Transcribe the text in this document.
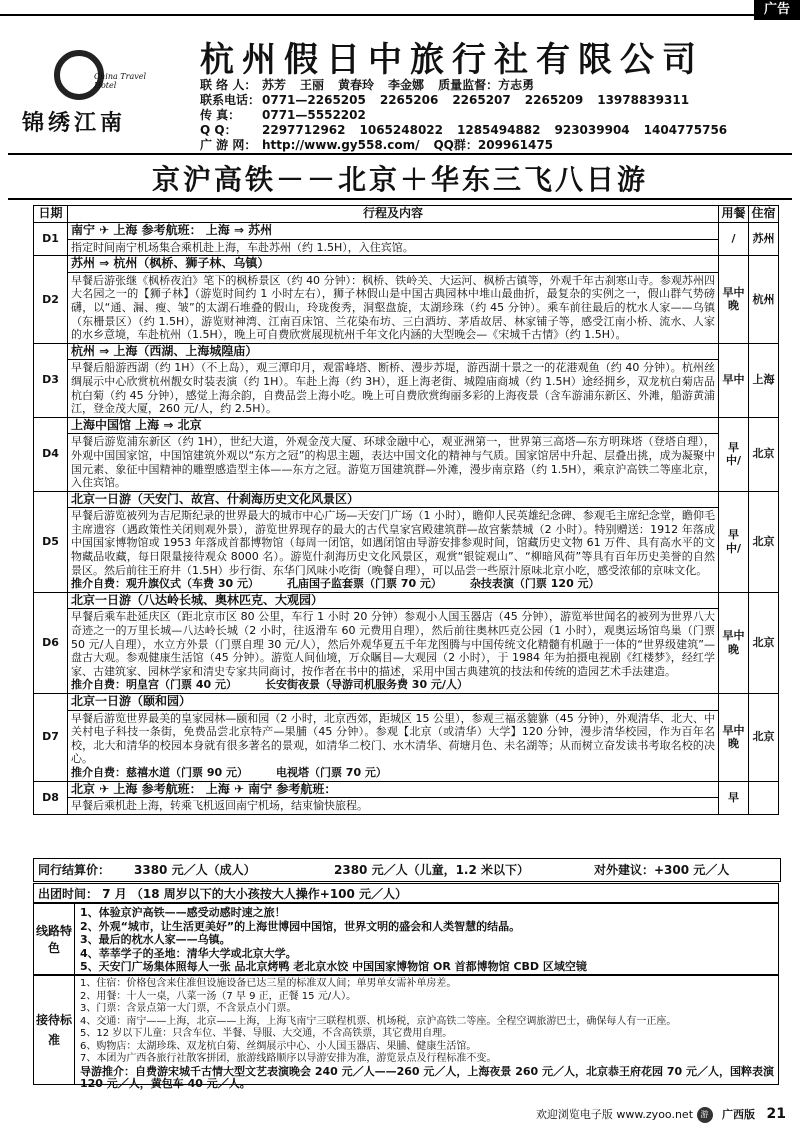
广告
China Travel Hotel
锦绣江南
杭州假日中旅行社有限公司
联 络 人： 苏芳 王丽 黄春玲 李金娜 质量监督：方志勇
联系电话： 0771—2265205 2265206 2265207 2265209 13978839311
传 真： 0771—5552202
Q Q： 2297712962 1065248022 1285494882 923039904 1404775756
广 游 网： http://www.gy558.com/ QQ群：209961475
京沪高铁－－北京＋华东三飞八日游
日期	行程及内容	用餐	住宿
D1	南宁 ✈ 上海 参考航班： 上海 ⇒ 苏州	/	苏州

	指定时间南宁机场集合乘机赴上海，车赴苏州（约 1.5H），入住宾馆。		

D2	苏州 ⇒ 杭州（枫桥、狮子林、乌镇）	早中晚	杭州

	早餐后游张继《枫桥夜泊》笔下的枫桥景区（约 40 分钟）：枫桥、铁岭关、大运河、枫桥古镇等，外观千年古刹寒山寺。参观苏州四大名园之一的【狮子林】（游览时间约 1 小时左右），狮子林假山是中国古典园林中堆山最曲折，最复杂的实例之一，假山群气势磅礴，以“通、漏、瘦、皱”的太湖石堆叠的假山，玲珑俊秀，洞壑盘旋，太湖珍珠（约 45 分钟）。乘车前往最后的枕水人家——乌镇（东栅景区）（约 1.5H），游览财神湾、江南百床馆、兰花染布坊、三白酒坊、茅盾故居、林家铺子等，感受江南小桥、流水、人家的水乡意境，车赴杭州（1.5H），晚上可自费欣赏展现杭州千年文化内涵的大型晚会—《宋城千古情》（约 1.5H）。		

D3	杭州 ⇒ 上海（西湖、上海城隍庙）	早中	上海

	早餐后船游西湖（约 1H）（不上岛），观三潭印月，观雷峰塔、断桥、漫步苏堤，游西湖十景之一的花港观鱼（约 40 分钟）。杭州丝绸展示中心欣赏杭州靓女时装表演（约 1H）。车赴上海（约 3H），逛上海老街、城隍庙商城（约 1.5H）途经拥乡，双龙杭白菊店品杭白菊（约 45 分钟），感觉上海余韵，自费品尝上海小吃。晚上可自费欣赏绚丽多彩的上海夜景（含车游浦东新区、外滩，船游黄浦江，登金茂大厦，260 元/人，约 2.5H）。		

D4	上海中国馆 上海 ⇒ 北京	早中/	北京

	早餐后游览浦东新区（约 1H），世纪大道，外观金茂大厦、环球金融中心，观亚洲第一，世界第三高塔—东方明珠塔（登塔自理），外观中国国家馆，中国馆建筑外观以“东方之冠”的构思主题，表达中国文化的精神与气质。国家馆居中升起、层叠出挑，成为凝聚中国元素、象征中国精神的雕塑感造型主体——东方之冠。游览万国建筑群—外滩，漫步南京路（约 1.5H），乘京沪高铁二等座北京，入住宾馆。		

D5	北京一日游（天安门、故宫、什刹海历史文化风景区）	早中/	北京

	早餐后游览被列为吉尼斯纪录的世界最大的城市中心广场—天安门广场（1 小时），瞻仰人民英雄纪念碑、参观毛主席纪念堂，瞻仰毛主席遗容（遇政策性关闭则观外景），游览世界现存的最大的古代皇家宫殿建筑群—故宫紫禁城（2 小时）。特别赠送：1912 年落成中国国家博物馆或 1953 年落成首都博物馆（每周一闭馆，如遇闭馆由导游安排参观时间，馆藏历史文物 61 万件、具有高水平的文物藏品收藏，每日限量接待观众 8000 名）。游览什刹海历史文化风景区，观赏“银锭观山”、“柳暗风荷”等具有百年历史美誉的自然景区。然后前往王府井（1.5H）步行街、东华门风味小吃街（晚餐自理），可以品尝一些原汁原味北京小吃，感受浓郁的京味文化。
推介自费：观升旗仪式（车费 30 元） 孔庙国子监套票（门票 70 元） 杂技表演（门票 120 元）		

D6	北京一日游（八达岭长城、奥林匹克、大观园）	早中晚	北京

	早餐后乘车赴延庆区（距北京市区 80 公里，车行 1 小时 20 分钟）参观小人国玉器店（45 分钟），游览举世闻名的被列为世界八大奇迹之一的万里长城—八达岭长城（2 小时，往返滑车 60 元费用自理），然后前往奥林匹克公园（1 小时），观奥运场馆鸟巢（门票 50 元/人自理），水立方外景（门票自理 30 元/人），然后外观华夏五千年龙图腾与中国传统文化精髓有机融于一体的“世界级建筑”—盘古大观。参观健康生活馆（45 分钟）。游览人间仙境，万众瞩目—大观园（2 小时），于 1984 年为拍摄电视剧《红楼梦》，经红学家、古建筑家、园林学家和清史专家共同商讨，按作者在书中的描述，采用中国古典建筑的技法和传统的造园艺术手法建造。
推介自费：明皇宫（门票 40 元） 长安街夜景（导游司机服务费 30 元/人）		

D7	北京一日游（颐和园）	早中晚	北京

	早餐后游览世界最美的皇家园林—颐和园（2 小时，北京西郊，距城区 15 公里），参观三福丞貔貅（45 分钟），外观清华、北大、中关村电子科技一条街，免费品尝北京特产—果脯（45 分钟）。参观【北京（或清华）大学】120 分钟，漫步清华校园，作为百年名校，北大和清华的校园本身就有很多著名的景观，如清华二校门、水木清华、荷塘月色、未名湖等；从而树立奋发读书考取名校的决心。
推介自费：慈禧水道（门票 90 元） 电视塔（门票 70 元）		

D8	北京 ✈ 上海 参考航班： 上海 ✈ 南宁 参考航班：	早	

	早餐后乘机赴上海，转乘飞机返回南宁机场，结束愉快旅程。		
同行结算价： 3380 元／人（成人）	2380 元／人（儿童，1.2 米以下）	对外建议：+300 元／人
出团时间： 7 月 （18 周岁以下的大小孩按大人操作+100 元／人）
线路特色
1、体验京沪高铁——感受动感时速之旅！
2、外观“城市，让生活更美好”的上海世博园中国馆，世界文明的盛会和人类智慧的结晶。
3、最后的枕水人家——乌镇。
4、莘莘学子的圣地：清华大学或北京大学。
5、天安门广场集体照每人一张 品北京烤鸭 老北京水饺 中国国家博物馆 OR 首都博物馆 CBD 区域空镜
接待标准
1、住宿：价格包含来住准但设施设备已达三星的标准双人间；单男单女需补单房差。
2、用餐：十人一桌，八菜一汤（7 早 9 正，正餐 15 元/人）。
3、门票：含景点第一大门票，不含景点小门票。
4、交通：南宁——上海，北京——上海，上海飞南宁三联程机票、机场税，京沪高铁二等座。全程空调旅游巴士，确保每人有一正座。
5、12 岁以下儿童：只含车位、半餐、导服、大交通，不含高铁票，其它费用自理。
6、购物店：太湖珍珠、双龙杭白菊、丝绸展示中心、小人国玉器店、果脯、健康生活馆。
7、本团为广西各旅行社散客拼团，旅游线路顺序以导游安排为准，游览景点及行程标准不变。
导游推介：自费游宋城千古情大型文艺表演晚会 240 元／人——260 元／人，上海夜景 260 元／人，北京恭王府花园 70 元／人，国粹表演 120 元／人，黄包车 40 元／人。
欢迎浏览电子版 www.zyoo.net 游 广西版 21
